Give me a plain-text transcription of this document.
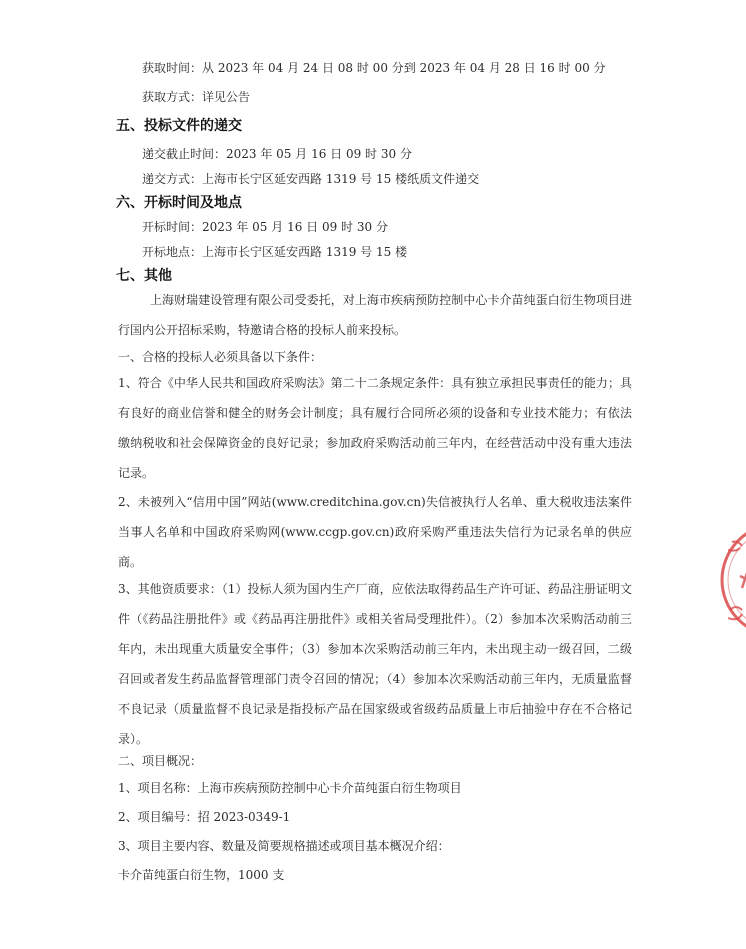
获取时间：从 2023 年 04 月 24 日 08 时 00 分到 2023 年 04 月 28 日 16 时 00 分
获取方式：详见公告
五、投标文件的递交
递交截止时间：2023 年 05 月 16 日 09 时 30 分
递交方式：上海市长宁区延安西路 1319 号 15 楼纸质文件递交
六、开标时间及地点
开标时间：2023 年 05 月 16 日 09 时 30 分
开标地点：上海市长宁区延安西路 1319 号 15 楼
七、其他
上海财瑞建设管理有限公司受委托，对上海市疾病预防控制中心卡介苗纯蛋白衍生物项目进行国内公开招标采购，特邀请合格的投标人前来投标。
一、合格的投标人必须具备以下条件：
1、符合《中华人民共和国政府采购法》第二十二条规定条件：具有独立承担民事责任的能力；具有良好的商业信誉和健全的财务会计制度；具有履行合同所必须的设备和专业技术能力；有依法缴纳税收和社会保障资金的良好记录；参加政府采购活动前三年内，在经营活动中没有重大违法记录。
2、未被列入“信用中国”网站(www.creditchina.gov.cn)失信被执行人名单、重大税收违法案件当事人名单和中国政府采购网(www.ccgp.gov.cn)政府采购严重违法失信行为记录名单的供应商。
3、其他资质要求：（1）投标人须为国内生产厂商，应依法取得药品生产许可证、药品注册证明文件（《药品注册批件》或《药品再注册批件》或相关省局受理批件）。（2）参加本次采购活动前三年内，未出现重大质量安全事件；（3）参加本次采购活动前三年内，未出现主动一级召回，二级召回或者发生药品监督管理部门责令召回的情况；（4）参加本次采购活动前三年内，无质量监督不良记录（质量监督不良记录是指投标产品在国家级或省级药品质量上市后抽验中存在不合格记录）。
二、项目概况：
1、项目名称：上海市疾病预防控制中心卡介苗纯蛋白衍生物项目
2、项目编号：招 2023-0349-1
3、项目主要内容、数量及简要规格描述或项目基本概况介绍：
卡介苗纯蛋白衍生物，1000 支
